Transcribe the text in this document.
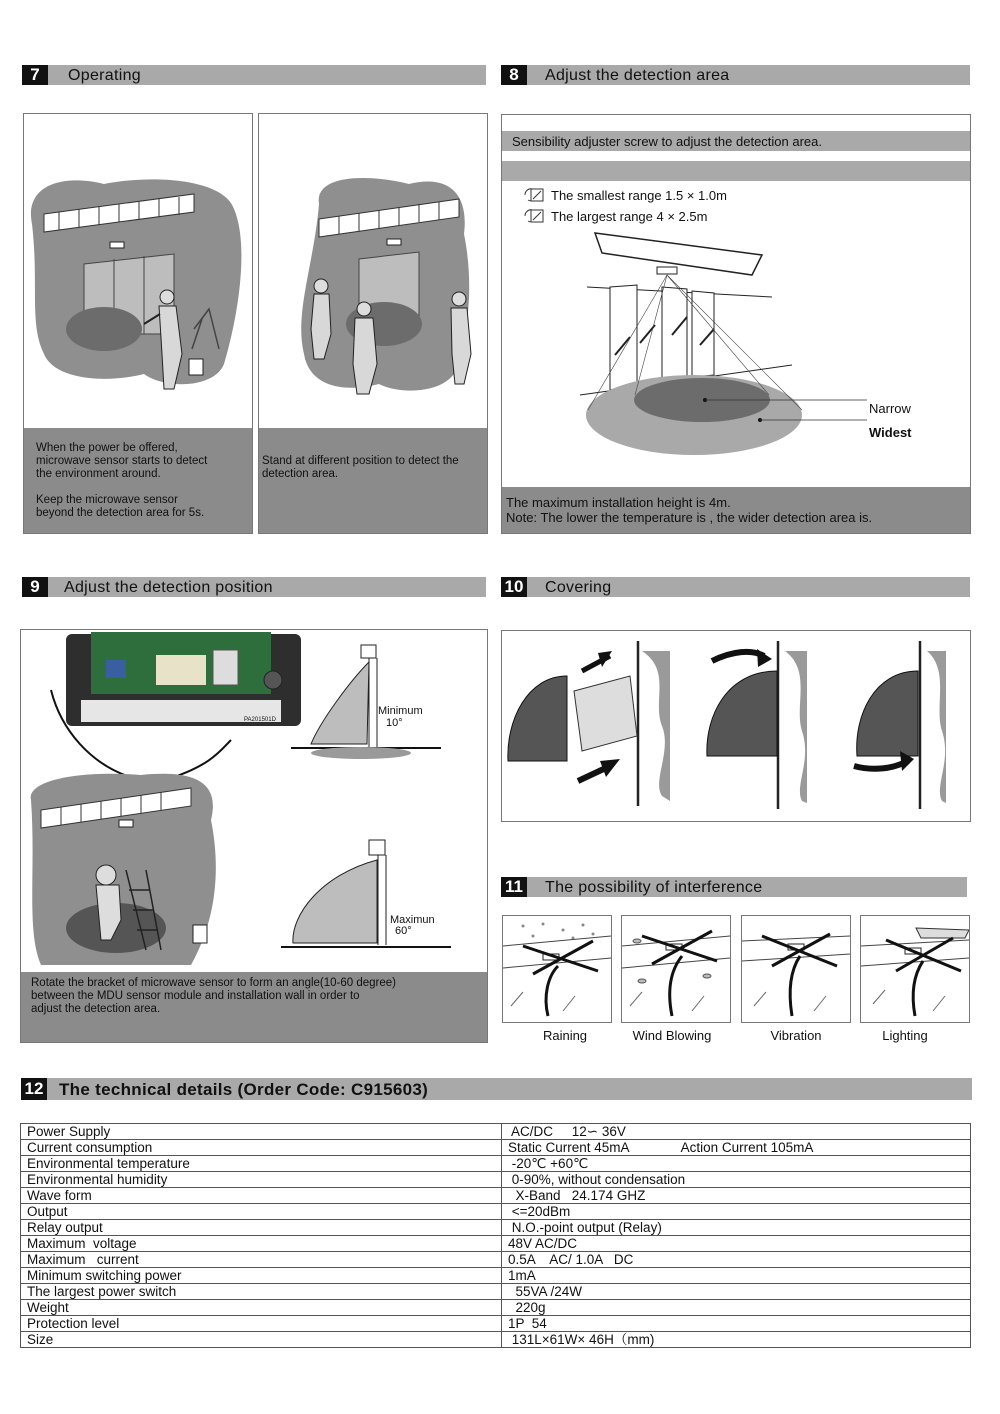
7	Operating
When the power be offered,
microwave sensor starts to detect
the environment around.
Keep the microwave sensor
beyond the detection area for 5s.
Stand at different position to detect the
detection area.
8	Adjust the detection area
Sensibility adjuster screw to adjust the detection area.
The smallest range 1.5 × 1.0m
The largest range 4 × 2.5m
Narrow
Widest
The maximum installation height is 4m.
Note: The lower the temperature is , the wider detection area is.
9	Adjust the detection position
PA201501D
Minimum
10°
Maximun
60°
Rotate the bracket of microwave sensor to form an angle(10-60 degree)
between the MDU sensor module and installation wall in order to
adjust the detection area.
10 Covering
11 The possibility of interference
Raining	Wind Blowing	Vibration	Lighting
12 The technical details (Order Code: C915603)
Power Supply	AC/DC     12∽ 36V
Current consumption	Static Current 45mA              Action Current 105mA
Environmental temperature	-20℃ +60℃
Environmental humidity	0-90%, without condensation
Wave form	X-Band   24.174 GHZ
Output	<=20dBm
Relay output	N.O.-point output (Relay)
Maximum  voltage	48V AC/DC
Maximum   current	0.5A    AC/ 1.0A   DC
Minimum switching power	1mA
The largest power switch	55VA /24W
Weight	220g
Protection level	1P  54
Size	131L×61W× 46H（mm)
